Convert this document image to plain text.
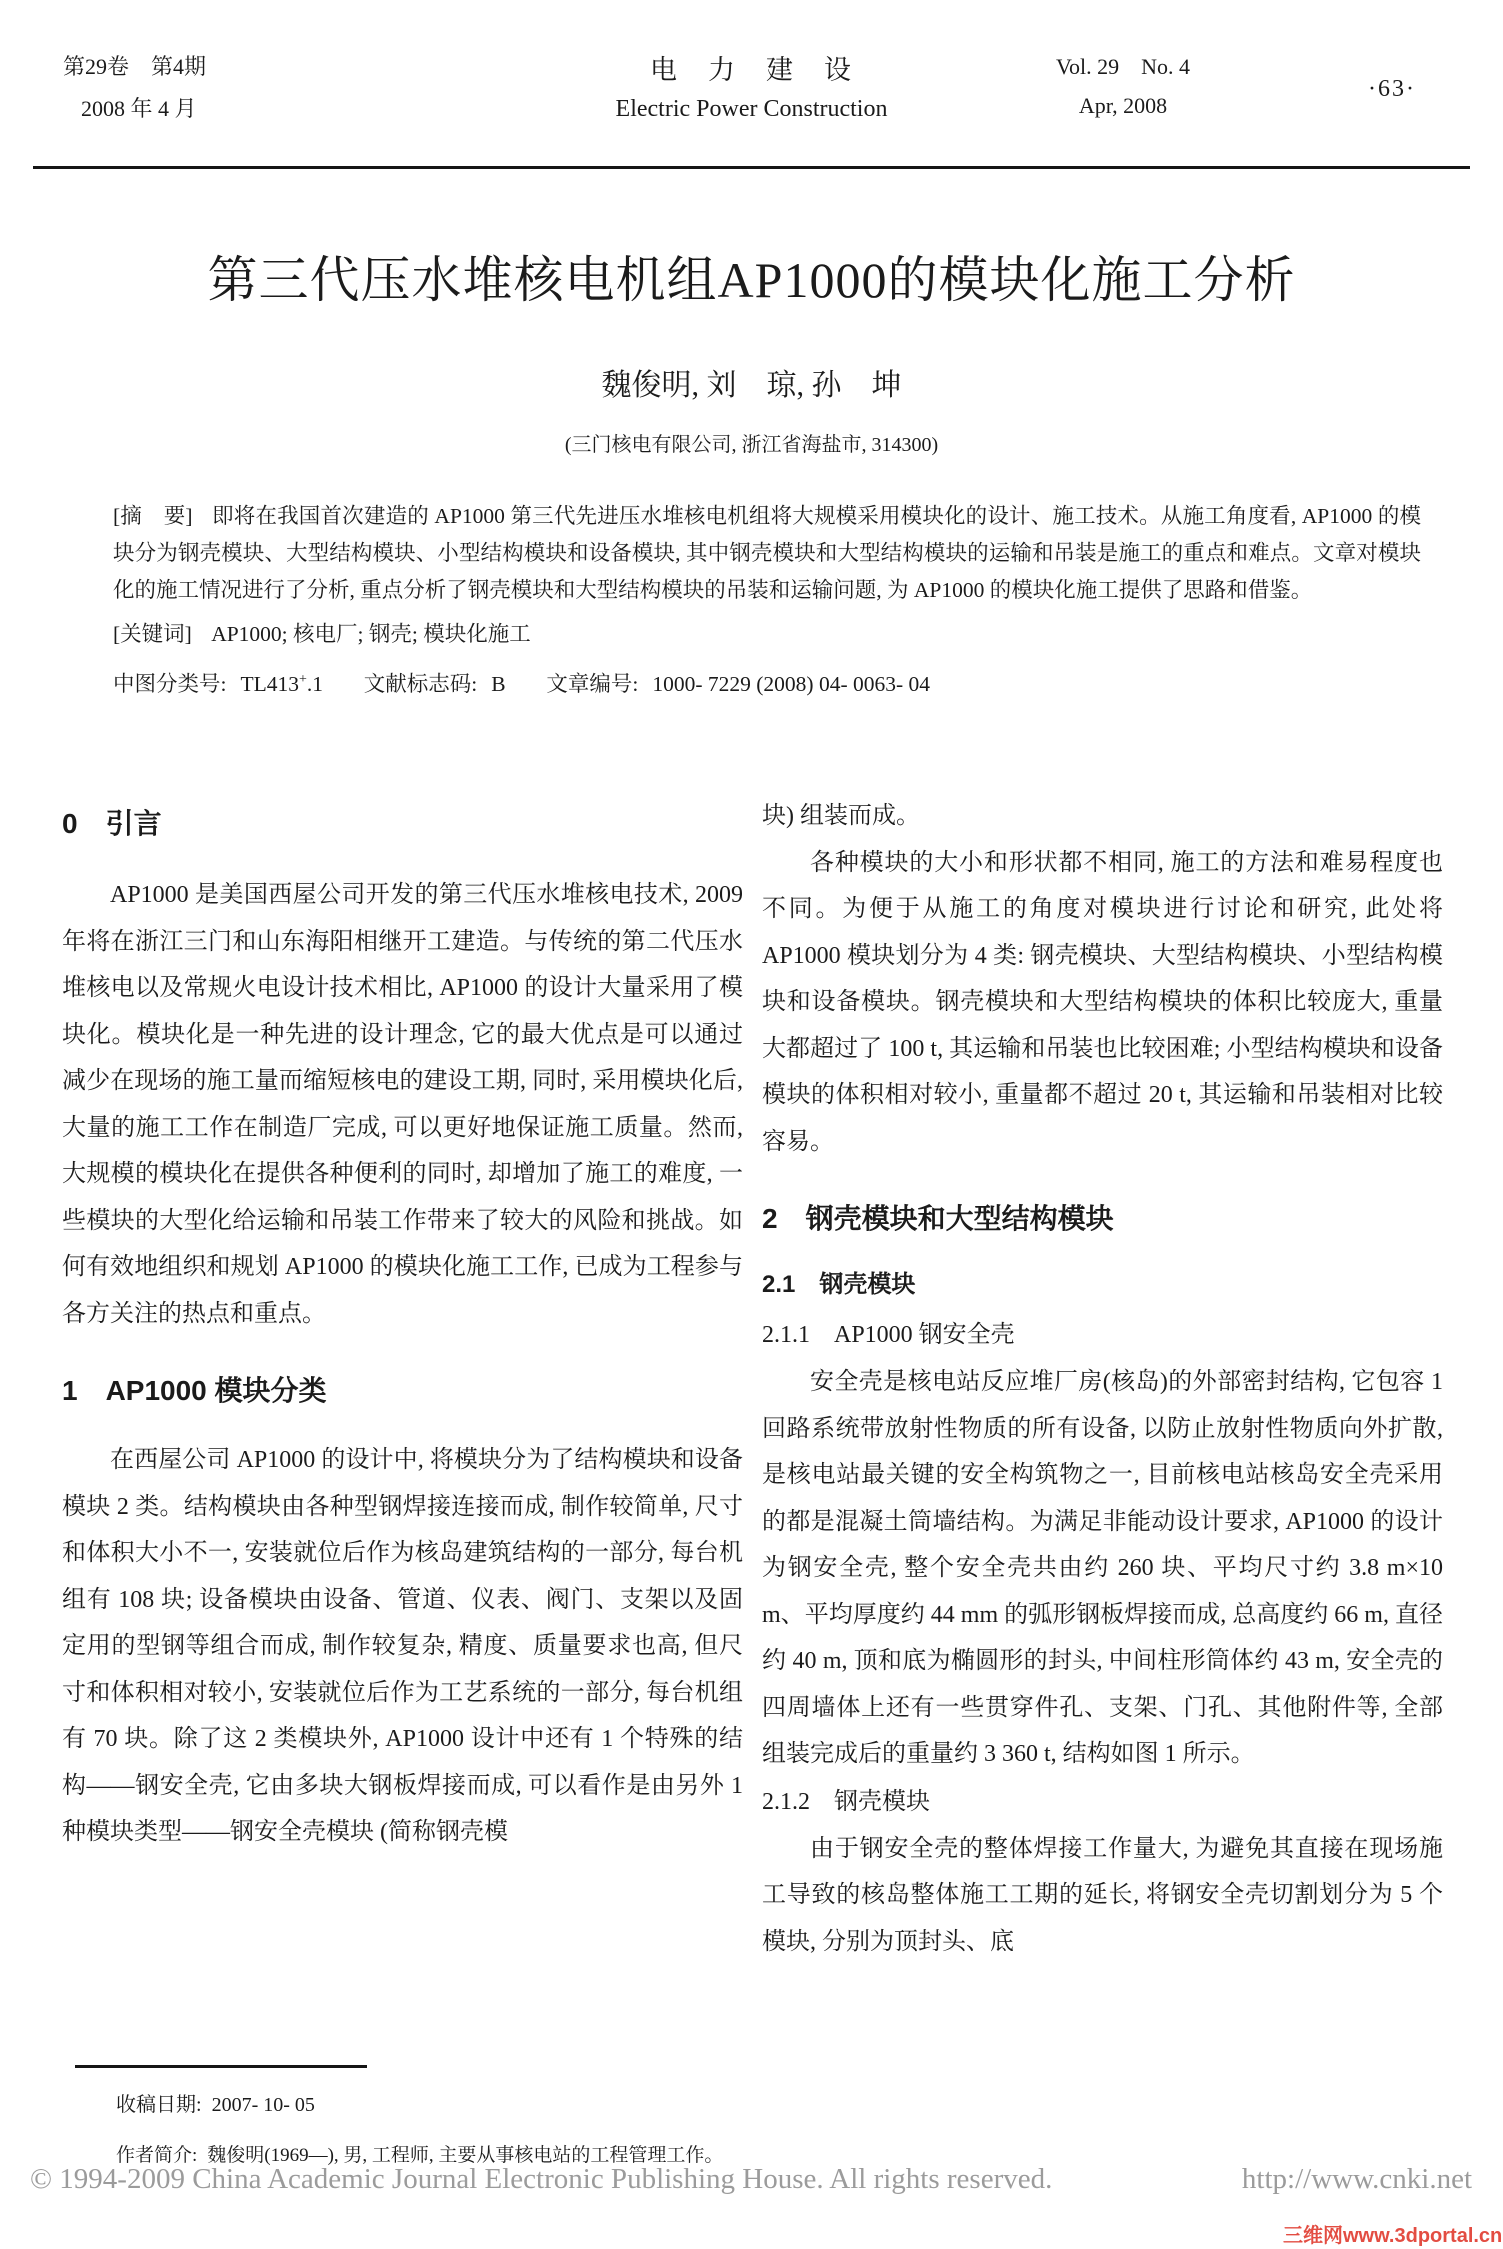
第29卷　第4期
2008 年 4 月
电　力　建　设
Electric Power Construction
Vol. 29　No. 4
Apr, 2008
·63·
第三代压水堆核电机组AP1000的模块化施工分析
魏俊明, 刘　琼, 孙　坤
(三门核电有限公司, 浙江省海盐市, 314300)

[摘　要] 即将在我国首次建造的 AP1000 第三代先进压水堆核电机组将大规模采用模块化的设计、施工技术。从施工角度看, AP1000 的模块分为钢壳模块、大型结构模块、小型结构模块和设备模块, 其中钢壳模块和大型结构模块的运输和吊装是施工的重点和难点。文章对模块化的施工情况进行了分析, 重点分析了钢壳模块和大型结构模块的吊装和运输问题, 为 AP1000 的模块化施工提供了思路和借鉴。

[关键词] AP1000; 核电厂; 钢壳; 模块化施工

中图分类号: TL413+.1 文献标志码: B 文章编号: 1000- 7229 (2008) 04- 0063- 04

0　引言

AP1000 是美国西屋公司开发的第三代压水堆核电技术, 2009 年将在浙江三门和山东海阳相继开工建造。与传统的第二代压水堆核电以及常规火电设计技术相比, AP1000 的设计大量采用了模块化。模块化是一种先进的设计理念, 它的最大优点是可以通过减少在现场的施工量而缩短核电的建设工期, 同时, 采用模块化后, 大量的施工工作在制造厂完成, 可以更好地保证施工质量。然而, 大规模的模块化在提供各种便利的同时, 却增加了施工的难度, 一些模块的大型化给运输和吊装工作带来了较大的风险和挑战。如何有效地组织和规划 AP1000 的模块化施工工作, 已成为工程参与各方关注的热点和重点。

1　AP1000 模块分类

在西屋公司 AP1000 的设计中, 将模块分为了结构模块和设备模块 2 类。结构模块由各种型钢焊接连接而成, 制作较简单, 尺寸和体积大小不一, 安装就位后作为核岛建筑结构的一部分, 每台机组有 108 块; 设备模块由设备、管道、仪表、阀门、支架以及固定用的型钢等组合而成, 制作较复杂, 精度、质量要求也高, 但尺寸和体积相对较小, 安装就位后作为工艺系统的一部分, 每台机组有 70 块。除了这 2 类模块外, AP1000 设计中还有 1 个特殊的结构——钢安全壳, 它由多块大钢板焊接而成, 可以看作是由另外 1 种模块类型——钢安全壳模块 (简称钢壳模

块) 组装而成。

各种模块的大小和形状都不相同, 施工的方法和难易程度也不同。为便于从施工的角度对模块进行讨论和研究, 此处将 AP1000 模块划分为 4 类: 钢壳模块、大型结构模块、小型结构模块和设备模块。钢壳模块和大型结构模块的体积比较庞大, 重量大都超过了 100 t, 其运输和吊装也比较困难; 小型结构模块和设备模块的体积相对较小, 重量都不超过 20 t, 其运输和吊装相对比较容易。

2　钢壳模块和大型结构模块
2.1　钢壳模块
2.1.1　AP1000 钢安全壳

安全壳是核电站反应堆厂房(核岛)的外部密封结构, 它包容 1 回路系统带放射性物质的所有设备, 以防止放射性物质向外扩散, 是核电站最关键的安全构筑物之一, 目前核电站核岛安全壳采用的都是混凝土筒墙结构。为满足非能动设计要求, AP1000 的设计为钢安全壳, 整个安全壳共由约 260 块、平均尺寸约 3.8 m×10 m、平均厚度约 44 mm 的弧形钢板焊接而成, 总高度约 66 m, 直径约 40 m, 顶和底为椭圆形的封头, 中间柱形筒体约 43 m, 安全壳的四周墙体上还有一些贯穿件孔、支架、门孔、其他附件等, 全部组装完成后的重量约 3 360 t, 结构如图 1 所示。

2.1.2　钢壳模块

由于钢安全壳的整体焊接工作量大, 为避免其直接在现场施工导致的核岛整体施工工期的延长, 将钢安全壳切割划分为 5 个模块, 分别为顶封头、底

收稿日期: 2007- 10- 05
作者简介: 魏俊明(1969—), 男, 工程师, 主要从事核电站的工程管理工作。
© 1994-2009 China Academic Journal Electronic Publishing House. All rights reserved.	http://www.cnki.net
三维网www.3dportal.cn
